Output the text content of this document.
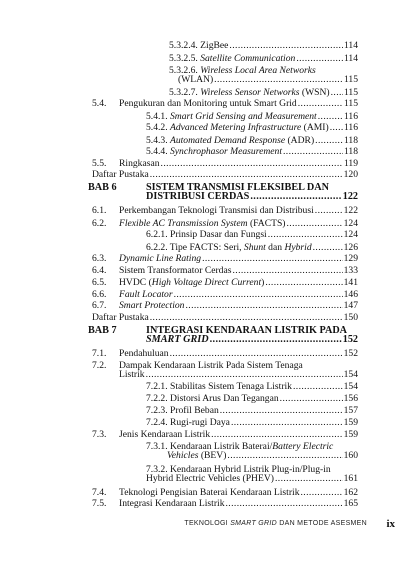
5.3.2.4. ZigBee .....	114
5.3.2.5. Satellite Communication .....	114
5.3.2.6. Wireless Local Area Networks
(WLAN) .....	115
5.3.2.7. Wireless Sensor Networks (WSN) ..... 115
5.4. Pengukuran dan Monitoring untuk Smart Grid .....	115
5.4.1. Smart Grid Sensing and Measurement .....	116
5.4.2. Advanced Metering Infrastructure (AMI) ..... 116
5.4.3. Automated Demand Response (ADR) .....	118
5.4.4. Synchrophasor Measurement .....	118
5.5. Ringkasan .....	119
Daftar Pustaka .....	120
BAB 6	SISTEM TRANSMISI FLEKSIBEL DAN
DISTRIBUSI CERDAS .....	122
6.1. Perkembangan Teknologi Transmisi dan Distribusi .....	122
6.2. Flexible AC Transmission System (FACTS) .....	124
6.2.1. Prinsip Dasar dan Fungsi .....	124
6.2.2. Tipe FACTS: Seri, Shunt dan Hybrid .....	126
6.3. Dynamic Line Rating .....	129
6.4. Sistem Transformator Cerdas .....	133
6.5. HVDC (High Voltage Direct Current) .....	141
6.6. Fault Locator .....	146
6.7. Smart Protection .....	147
Daftar Pustaka .....	150
BAB 7	INTEGRASI KENDARAAN LISTRIK PADA
SMART GRID .....	152
7.1. Pendahuluan .....	152
7.2. Dampak Kendaraan Listrik Pada Sistem Tenaga
Listrik .....	154
7.2.1. Stabilitas Sistem Tenaga Listrik .....	154
7.2.2. Distorsi Arus Dan Tegangan .....	156
7.2.3. Profil Beban .....	157
7.2.4. Rugi-rugi Daya .....	159
7.3. Jenis Kendaraan Listrik .....	159
7.3.1. Kendaraan Listrik Baterai/Battery Electric
Vehicles (BEV) .....	160
7.3.2. Kendaraan Hybrid Listrik Plug-in/Plug-in
Hybrid Electric Vehicles (PHEV) .....	161
7.4. Teknologi Pengisian Baterai Kendaraan Listrik .....	162
7.5. Integrasi Kendaraan Listrik .....	165
TEKNOLOGI SMART GRID DAN METODE ASESMEN ix
